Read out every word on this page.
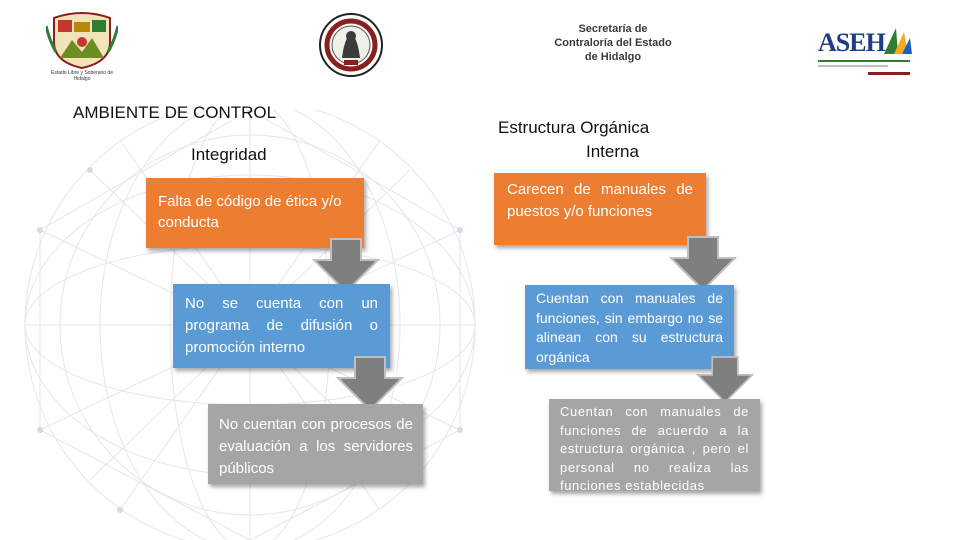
Estado Libre y Soberano de Hidalgo
Secretaría de
Contraloría del Estado
de Hidalgo	ASEH
AMBIENTE DE CONTROL
Integridad
Falta de código de ética y/o conducta
No se cuenta con un programa de difusión o promoción interno
No cuentan con procesos de evaluación a los servidores públicos
Estructura Orgánica
Interna
Carecen de manuales de puestos y/o funciones
Cuentan con manuales de funciones, sin embargo no se alinean con su estructura orgánica
Cuentan con manuales de funciones de acuerdo a la estructura orgánica , pero el personal no realiza las funciones establecidas
